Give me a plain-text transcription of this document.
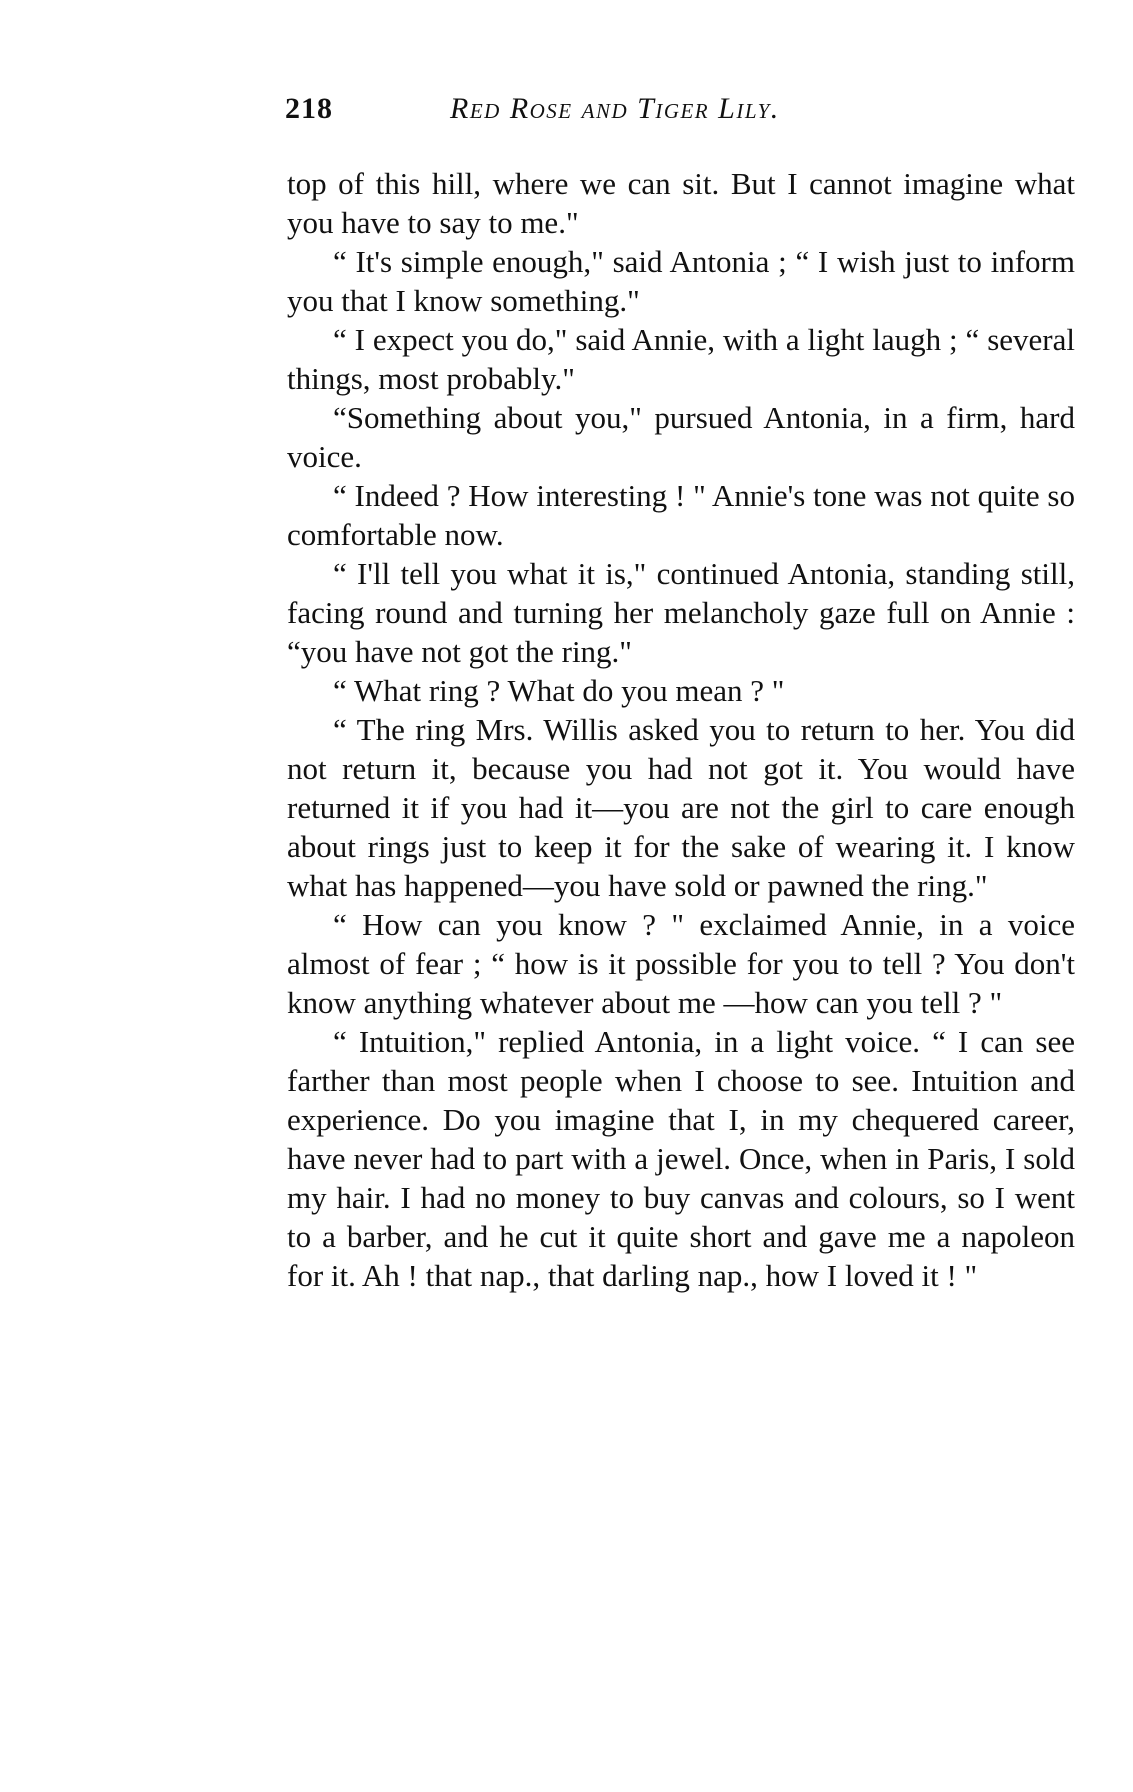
218	Red Rose and Tiger Lily.

top of this hill, where we can sit. But I cannot imagine what you have to say to me."

“ It's simple enough," said Antonia ; “ I wish just to inform you that I know something."

“ I expect you do," said Annie, with a light laugh ; “ several things, most probably."

“Something about you," pursued Antonia, in a firm, hard voice.

“ Indeed ? How interesting ! " Annie's tone was not quite so comfortable now.

“ I'll tell you what it is," continued Antonia, standing still, facing round and turning her melancholy gaze full on Annie : “you have not got the ring."

“ What ring ? What do you mean ? "

“ The ring Mrs. Willis asked you to return to her. You did not return it, because you had not got it. You would have returned it if you had it—you are not the girl to care enough about rings just to keep it for the sake of wearing it. I know what has happened—you have sold or pawned the ring."

“ How can you know ? " exclaimed Annie, in a voice almost of fear ; “ how is it possible for you to tell ? You don't know anything whatever about me —how can you tell ? "

“ Intuition," replied Antonia, in a light voice. “ I can see farther than most people when I choose to see. Intuition and experience. Do you imagine that I, in my chequered career, have never had to part with a jewel. Once, when in Paris, I sold my hair. I had no money to buy canvas and colours, so I went to a barber, and he cut it quite short and gave me a napoleon for it. Ah ! that nap., that darling nap., how I loved it ! "
